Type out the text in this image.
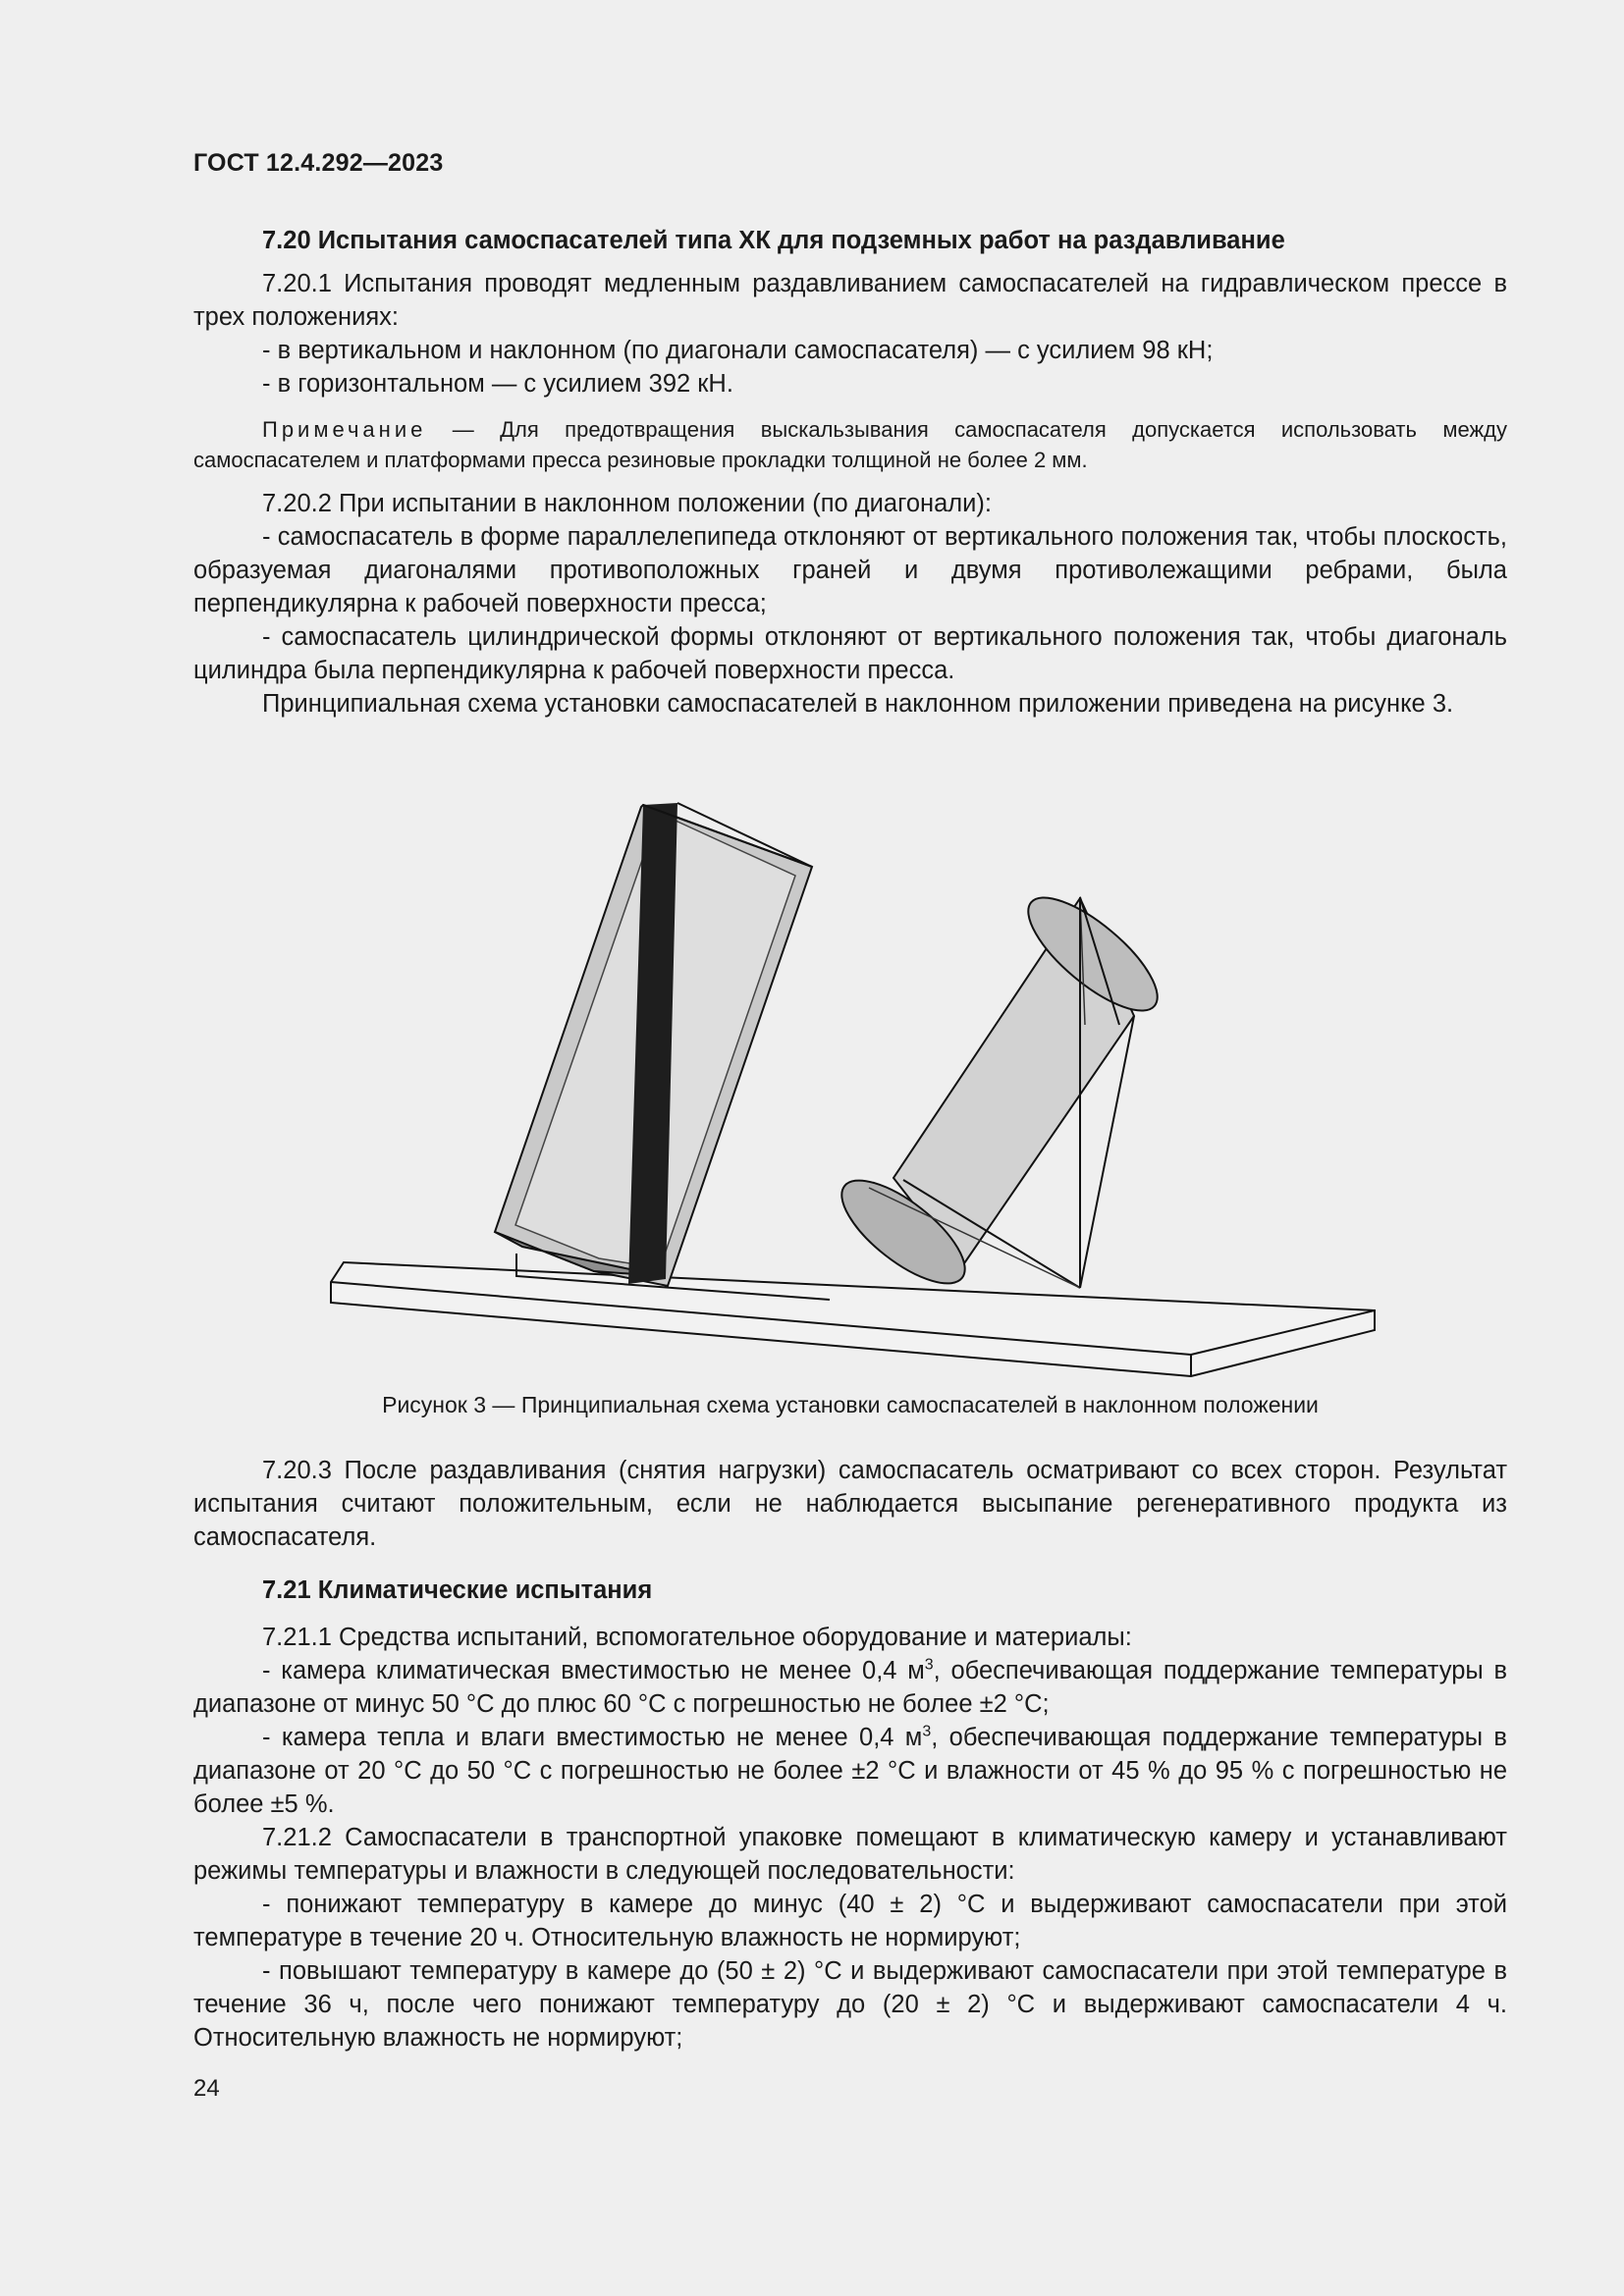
ГОСТ 12.4.292—2023
7.20 Испытания самоспасателей типа ХК для подземных работ на раздавливание
7.20.1 Испытания проводят медленным раздавливанием самоспасателей на гидравлическом прессе в трех положениях:
- в вертикальном и наклонном (по диагонали самоспасателя) — с усилием 98 кН;
- в горизонтальном — с усилием 392 кН.
Примечание — Для предотвращения выскальзывания самоспасателя допускается использовать между самоспасателем и платформами пресса резиновые прокладки толщиной не более 2 мм.
7.20.2 При испытании в наклонном положении (по диагонали):
- самоспасатель в форме параллелепипеда отклоняют от вертикального положения так, чтобы плоскость, образуемая диагоналями противоположных граней и двумя противолежащими ребрами, была перпендикулярна к рабочей поверхности пресса;
- самоспасатель цилиндрической формы отклоняют от вертикального положения так, чтобы диагональ цилиндра была перпендикулярна к рабочей поверхности пресса.
Принципиальная схема установки самоспасателей в наклонном приложении приведена на рисунке 3.
Рисунок 3 — Принципиальная схема установки самоспасателей в наклонном положении
7.20.3 После раздавливания (снятия нагрузки) самоспасатель осматривают со всех сторон. Результат испытания считают положительным, если не наблюдается высыпание регенеративного продукта из самоспасателя.
7.21 Климатические испытания
7.21.1 Средства испытаний, вспомогательное оборудование и материалы:
- камера климатическая вместимостью не менее 0,4 $м^3$, обеспечивающая поддержание температуры в диапазоне от минус 50 °С до плюс 60 °С с погрешностью не более ±2 °С;
- камера тепла и влаги вместимостью не менее 0,4 $м^3$, обеспечивающая поддержание температуры в диапазоне от 20 °С до 50 °С с погрешностью не более ±2 °С и влажности от 45 % до 95 % с погрешностью не более ±5 %.
7.21.2 Самоспасатели в транспортной упаковке помещают в климатическую камеру и устанавливают режимы температуры и влажности в следующей последовательности:
- понижают температуру в камере до минус (40 ± 2) °С и выдерживают самоспасатели при этой температуре в течение 20 ч. Относительную влажность не нормируют;
- повышают температуру в камере до (50 ± 2) °С и выдерживают самоспасатели при этой температуре в течение 36 ч, после чего понижают температуру до (20 ± 2) °С и выдерживают самоспасатели 4 ч. Относительную влажность не нормируют;
24
